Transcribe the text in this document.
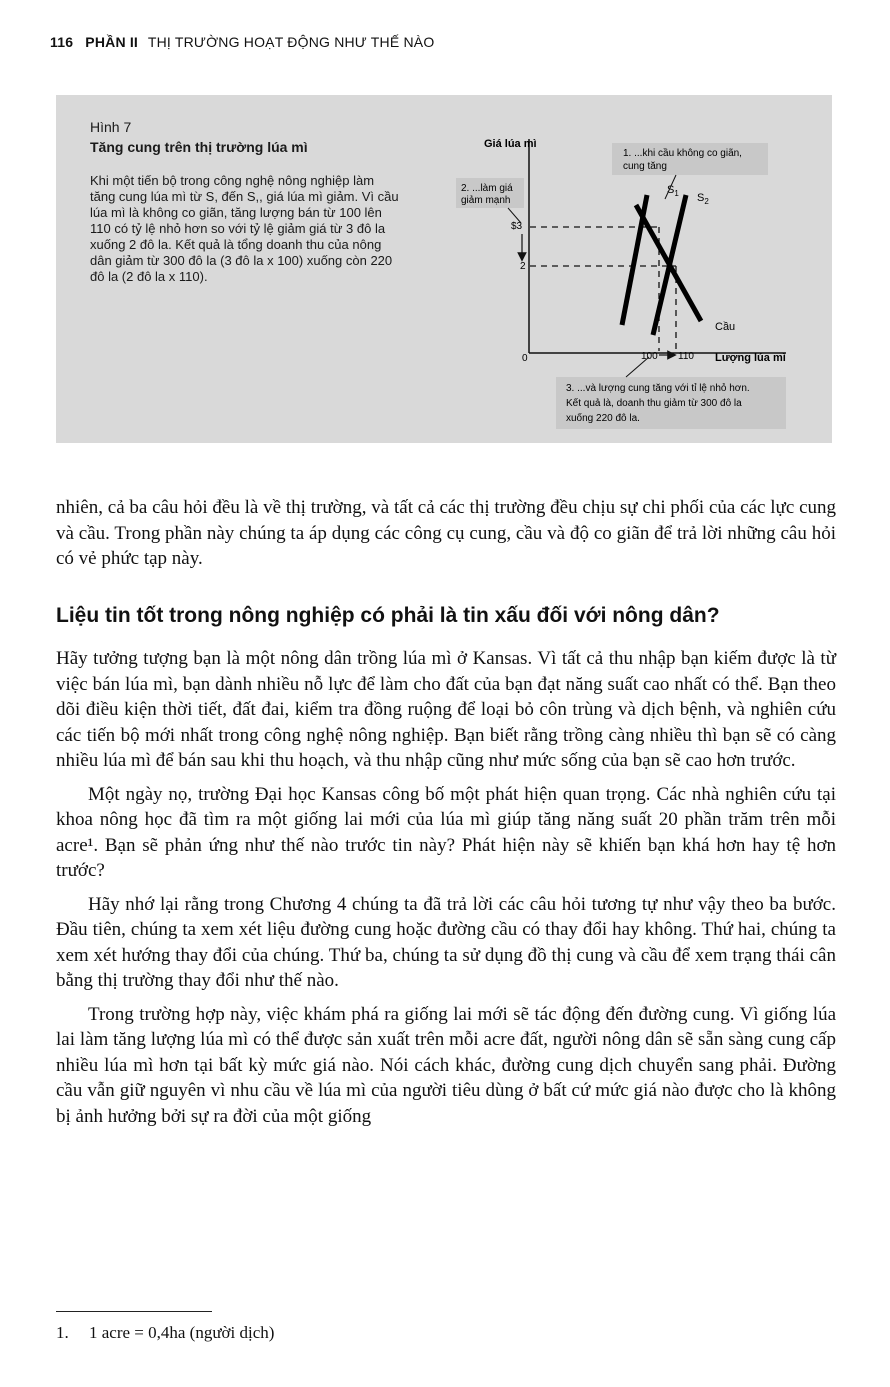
116 PHẦN II THỊ TRƯỜNG HOẠT ĐỘNG NHƯ THẾ NÀO
Hình 7
Tăng cung trên thị trường lúa mì
Khi một tiến bộ trong công nghệ nông nghiệp làm tăng cung lúa mì từ S, đến S,, giá lúa mì giảm. Vì cầu lúa mì là không co giãn, tăng lượng bán từ 100 lên 110 có tỷ lệ nhỏ hơn so với tỷ lệ giảm giá từ 3 đô la xuống 2 đô la. Kết quả là tổng doanh thu của nông dân giảm từ 300 đô la (3 đô la x 100) xuống còn 220 đô la (2 đô la x 110).
Giá lúa mì
Lượng lúa mì
0
$S_1$ $S_2$
Cầu
$3
2
100 110
1. ...khi cầu không co giãn,
cung tăng
2. ...làm giá
giảm mạnh
3. ...và lượng cung tăng với tỉ lệ nhỏ hơn.
Kết quả là, doanh thu giảm từ 300 đô la
xuống 220 đô la.

nhiên, cả ba câu hỏi đều là về thị trường, và tất cả các thị trường đều chịu sự chi phối của các lực cung và cầu. Trong phần này chúng ta áp dụng các công cụ cung, cầu và độ co giãn để trả lời những câu hỏi có vẻ phức tạp này.

Liệu tin tốt trong nông nghiệp có phải là tin xấu đối với nông dân?

Hãy tưởng tượng bạn là một nông dân trồng lúa mì ở Kansas. Vì tất cả thu nhập bạn kiếm được là từ việc bán lúa mì, bạn dành nhiều nỗ lực để làm cho đất của bạn đạt năng suất cao nhất có thể. Bạn theo dõi điều kiện thời tiết, đất đai, kiểm tra đồng ruộng để loại bỏ côn trùng và dịch bệnh, và nghiên cứu các tiến bộ mới nhất trong công nghệ nông nghiệp. Bạn biết rằng trồng càng nhiều thì bạn sẽ có càng nhiều lúa mì để bán sau khi thu hoạch, và thu nhập cũng như mức sống của bạn sẽ cao hơn trước.

Một ngày nọ, trường Đại học Kansas công bố một phát hiện quan trọng. Các nhà nghiên cứu tại khoa nông học đã tìm ra một giống lai mới của lúa mì giúp tăng năng suất 20 phần trăm trên mỗi acre¹. Bạn sẽ phản ứng như thế nào trước tin này? Phát hiện này sẽ khiến bạn khá hơn hay tệ hơn trước?

Hãy nhớ lại rằng trong Chương 4 chúng ta đã trả lời các câu hỏi tương tự như vậy theo ba bước. Đầu tiên, chúng ta xem xét liệu đường cung hoặc đường cầu có thay đổi hay không. Thứ hai, chúng ta xem xét hướng thay đổi của chúng. Thứ ba, chúng ta sử dụng đồ thị cung và cầu để xem trạng thái cân bằng thị trường thay đổi như thế nào.

Trong trường hợp này, việc khám phá ra giống lai mới sẽ tác động đến đường cung. Vì giống lúa lai làm tăng lượng lúa mì có thể được sản xuất trên mỗi acre đất, người nông dân sẽ sẵn sàng cung cấp nhiều lúa mì hơn tại bất kỳ mức giá nào. Nói cách khác, đường cung dịch chuyển sang phải. Đường cầu vẫn giữ nguyên vì nhu cầu về lúa mì của người tiêu dùng ở bất cứ mức giá nào được cho là không bị ảnh hưởng bởi sự ra đời của một giống

1. 1 acre = 0,4ha (người dịch)
